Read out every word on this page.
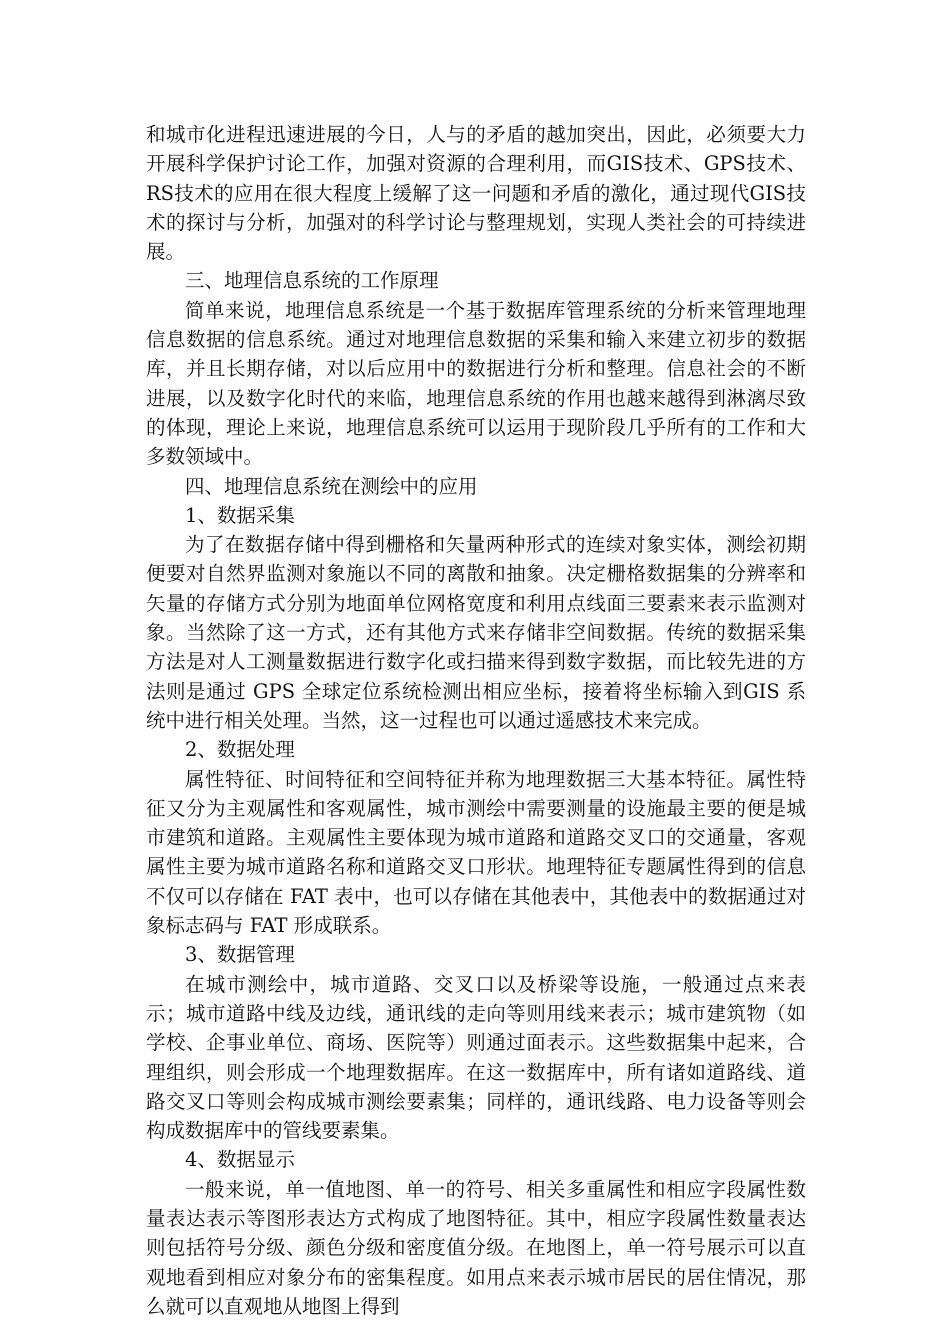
和城市化进程迅速进展的今日，人与的矛盾的越加突出，因此，必须要大力开展科学保护讨论工作，加强对资源的合理利用，而GIS技术、GPS技术、RS技术的应用在很大程度上缓解了这一问题和矛盾的激化，通过现代GIS技术的探讨与分析，加强对的科学讨论与整理规划，实现人类社会的可持续进展。

三、地理信息系统的工作原理

简单来说，地理信息系统是一个基于数据库管理系统的分析来管理地理信息数据的信息系统。通过对地理信息数据的采集和输入来建立初步的数据库，并且长期存储，对以后应用中的数据进行分析和整理。信息社会的不断进展，以及数字化时代的来临，地理信息系统的作用也越来越得到淋漓尽致的体现，理论上来说，地理信息系统可以运用于现阶段几乎所有的工作和大多数领域中。

四、地理信息系统在测绘中的应用

1、数据采集

为了在数据存储中得到栅格和矢量两种形式的连续对象实体，测绘初期便要对自然界监测对象施以不同的离散和抽象。决定栅格数据集的分辨率和矢量的存储方式分别为地面单位网格宽度和利用点线面三要素来表示监测对象。当然除了这一方式，还有其他方式来存储非空间数据。传统的数据采集方法是对人工测量数据进行数字化或扫描来得到数字数据，而比较先进的方法则是通过 GPS 全球定位系统检测出相应坐标，接着将坐标输入到GIS 系统中进行相关处理。当然，这一过程也可以通过遥感技术来完成。

2、数据处理

属性特征、时间特征和空间特征并称为地理数据三大基本特征。属性特征又分为主观属性和客观属性，城市测绘中需要测量的设施最主要的便是城市建筑和道路。主观属性主要体现为城市道路和道路交叉口的交通量，客观属性主要为城市道路名称和道路交叉口形状。地理特征专题属性得到的信息不仅可以存储在 FAT 表中，也可以存储在其他表中，其他表中的数据通过对象标志码与 FAT 形成联系。

3、数据管理

在城市测绘中，城市道路、交叉口以及桥梁等设施，一般通过点来表示；城市道路中线及边线，通讯线的走向等则用线来表示；城市建筑物（如学校、企事业单位、商场、医院等）则通过面表示。这些数据集中起来，合理组织，则会形成一个地理数据库。在这一数据库中，所有诸如道路线、道路交叉口等则会构成城市测绘要素集；同样的，通讯线路、电力设备等则会构成数据库中的管线要素集。

4、数据显示

一般来说，单一值地图、单一的符号、相关多重属性和相应字段属性数量表达表示等图形表达方式构成了地图特征。其中，相应字段属性数量表达则包括符号分级、颜色分级和密度值分级。在地图上，单一符号展示可以直观地看到相应对象分布的密集程度。如用点来表示城市居民的居住情况，那么就可以直观地从地图上得到
